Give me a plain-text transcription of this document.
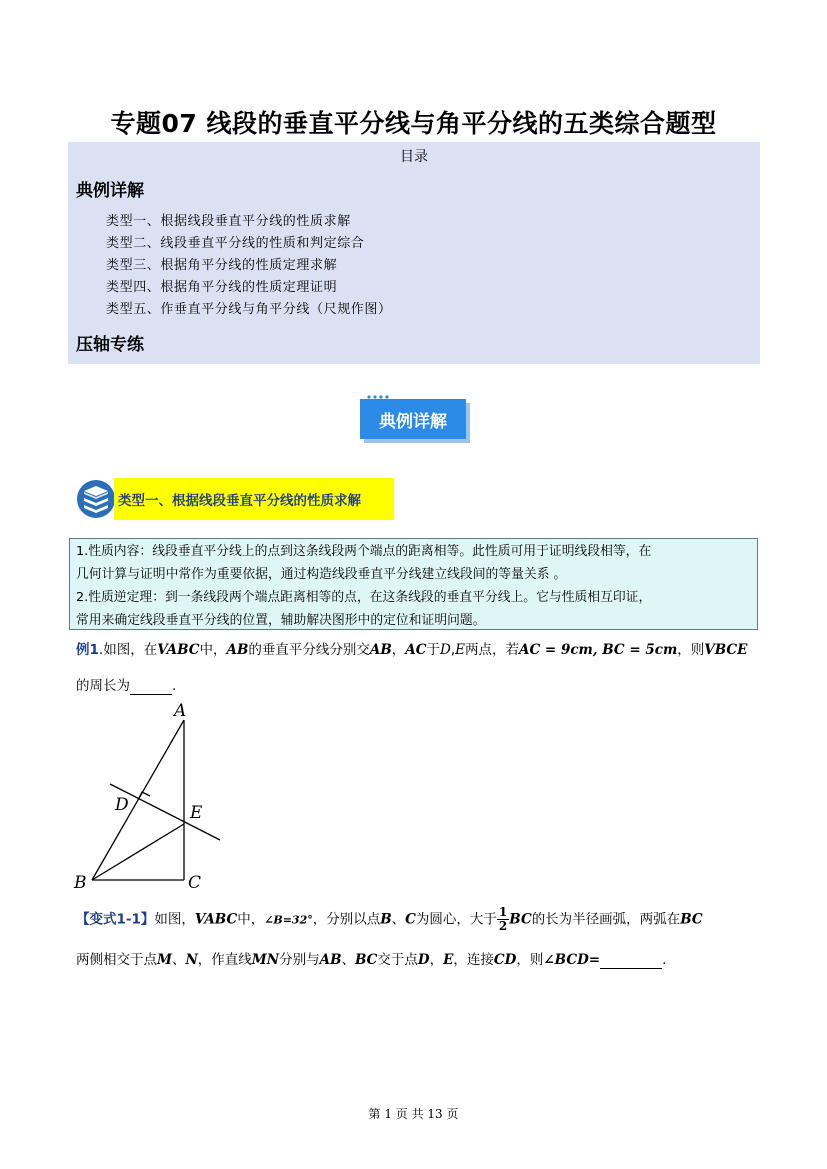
专题07 线段的垂直平分线与角平分线的五类综合题型
目录
典例详解
类型一、根据线段垂直平分线的性质求解
类型二、线段垂直平分线的性质和判定综合
类型三、根据角平分线的性质定理求解
类型四、根据角平分线的性质定理证明
类型五、作垂直平分线与角平分线（尺规作图）
压轴专练
典例详解
类型一、根据线段垂直平分线的性质求解
1.性质内容：线段垂直平分线上的点到这条线段两个端点的距离相等。此性质可用于证明线段相等，在
几何计算与证明中常作为重要依据，通过构造线段垂直平分线建立线段间的等量关系 。
2.性质逆定理：到一条线段两个端点距离相等的点，在这条线段的垂直平分线上。它与性质相互印证，
常用来确定线段垂直平分线的位置，辅助解决图形中的定位和证明问题。
例1.如图，在VABC中，AB的垂直平分线分别交AB，AC于D,E两点，若AC = 9cm, BC = 5cm，则VBCE
的周长为	.
A
D	E
B	C
【变式1-1】如图，VABC中，∠B=32°，分别以点B、C为圆心，大于 $\frac{1}{2}$ BC的长为半径画弧，两弧在BC
两侧相交于点M、N，作直线MN分别与AB、BC交于点D，E，连接CD，则∠BCD=	.
第 1 页 共 13 页
